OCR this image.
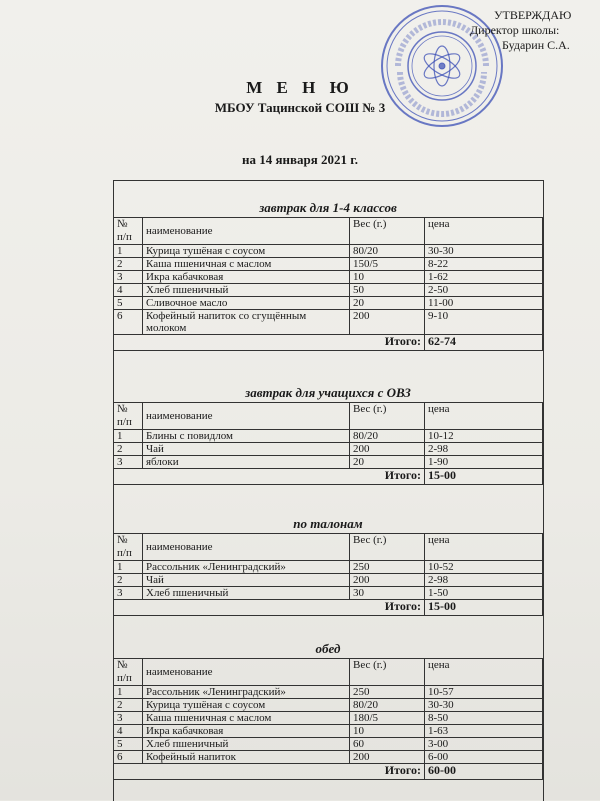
УТВЕРЖДАЮ
Директор школы:
Бударин С.А.
М Е Н Ю
МБОУ Тацинской СОШ № 3
на 14 января 2021 г.
завтрак для 1-4 классов
№ п/п	наименование	Вес (г.)	цена
1	Курица тушёная с соусом	80/20	30-30
2	Каша пшеничная с маслом	150/5	8-22
3	Икра кабачковая	10	1-62
4	Хлеб пшеничный	50	2-50
5	Сливочное масло	20	11-00
6	Кофейный напиток со сгущённым молоком	200	9-10
Итого:			62-74
завтрак для учащихся с ОВЗ
№ п/п	наименование	Вес (г.)	цена
1	Блины с повидлом	80/20	10-12
2	Чай	200	2-98
3	яблоки	20	1-90
Итого:			15-00
по талонам
№ п/п	наименование	Вес (г.)	цена
1	Рассольник «Ленинградский»	250	10-52
2	Чай	200	2-98
3	Хлеб пшеничный	30	1-50
Итого:			15-00
обед
№ п/п	наименование	Вес (г.)	цена
1	Рассольник «Ленинградский»	250	10-57
2	Курица тушёная с соусом	80/20	30-30
3	Каша пшеничная с маслом	180/5	8-50
4	Икра кабачковая	10	1-63
5	Хлеб пшеничный	60	3-00
6	Кофейный напиток	200	6-00
Итого:			60-00
